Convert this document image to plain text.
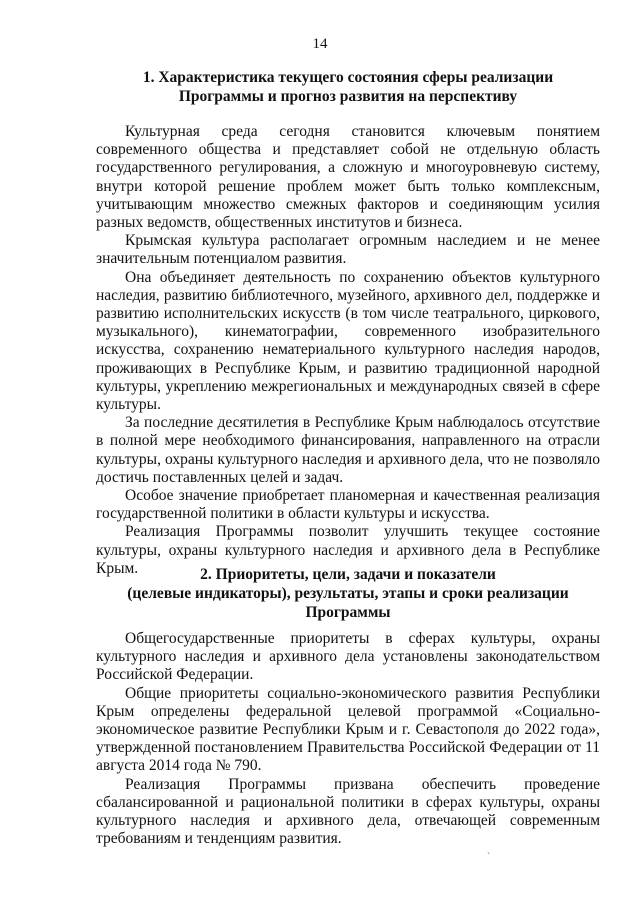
14
1. Характеристика текущего состояния сферы реализации
Программы и прогноз развития на перспективу

Культурная среда сегодня становится ключевым понятием современного общества и представляет собой не отдельную область государственного регулирования, а сложную и многоуровневую систему, внутри которой решение проблем может быть только комплексным, учитывающим множество смежных факторов и соединяющим усилия разных ведомств, общественных институтов и бизнеса.

Крымская культура располагает огромным наследием и не менее значительным потенциалом развития.

Она объединяет деятельность по сохранению объектов культурного наследия, развитию библиотечного, музейного, архивного дел, поддержке и развитию исполнительских искусств (в том числе театрального, циркового, музыкального), кинематографии, современного изобразительного искусства, сохранению нематериального культурного наследия народов, проживающих в Республике Крым, и развитию традиционной народной культуры, укреплению межрегиональных и международных связей в сфере культуры.

За последние десятилетия в Республике Крым наблюдалось отсутствие в полной мере необходимого финансирования, направленного на отрасли культуры, охраны культурного наследия и архивного дела, что не позволяло достичь поставленных целей и задач.

Особое значение приобретает планомерная и качественная реализация государственной политики в области культуры и искусства.

Реализация Программы позволит улучшить текущее состояние культуры, охраны культурного наследия и архивного дела в Республике Крым.	2. Приоритеты, цели, задачи и показатели
(целевые индикаторы), результаты, этапы и сроки реализации
Программы

Общегосударственные приоритеты в сферах культуры, охраны культурного наследия и архивного дела установлены законодательством Российской Федерации.

Общие приоритеты социально-экономического развития Республики Крым определены федеральной целевой программой «Социально-экономическое развитие Республики Крым и г. Севастополя до 2022 года», утвержденной постановлением Правительства Российской Федерации от 11 августа 2014 года № 790.

Реализация Программы призвана обеспечить проведение сбалансированной и рациональной политики в сферах культуры, охраны культурного наследия и архивного дела, отвечающей современным требованиям и тенденциям развития.

ˎ
